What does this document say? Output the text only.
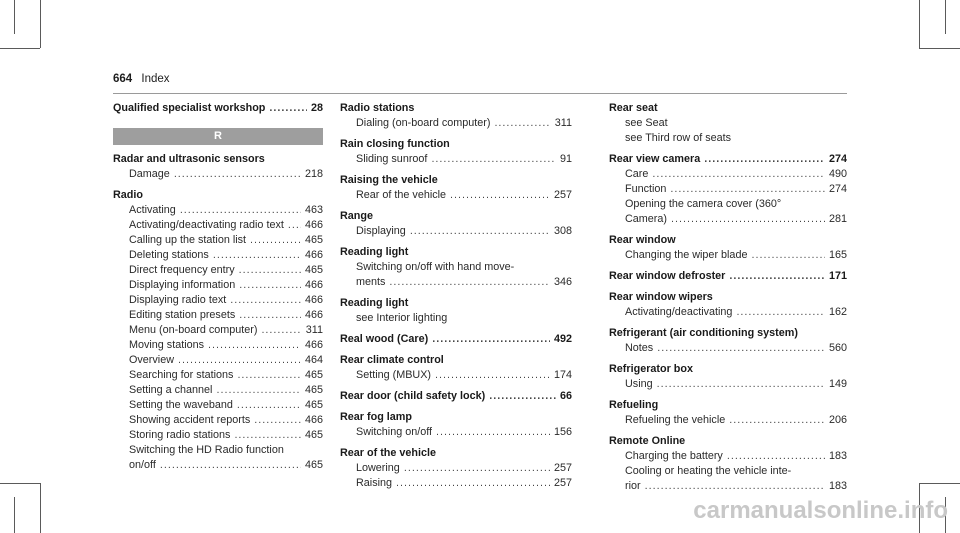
664 Index
Qualified specialist workshop .....	28
R
Radar and ultrasonic sensors
Damage .....	218
Radio
Activating .....	463
Activating/deactivating radio text ..... 466
Calling up the station list .....	465
Deleting stations .....	466
Direct frequency entry .....	465
Displaying information .....	466
Displaying radio text .....	466
Editing station presets .....	466
Menu (on-board computer) .....	311
Moving stations .....	466
Overview .....	464
Searching for stations .....	465
Setting a channel .....	465
Setting the waveband .....	465
Showing accident reports .....	466
Storing radio stations .....	465
Switching the HD Radio function
on/off .....	465
Radio stations
Dialing (on-board computer) .....	311
Rain closing function
Sliding sunroof .....	91
Raising the vehicle
Rear of the vehicle .....	257
Range
Displaying .....	308
Reading light
Switching on/off with hand move-
ments .....	346
Reading light
see Interior lighting
Real wood (Care) .....	492
Rear climate control
Setting (MBUX) .....	174
Rear door (child safety lock) .....	66
Rear fog lamp
Switching on/off .....	156
Rear of the vehicle
Lowering .....	257
Raising .....	257
Rear seat
see Seat
see Third row of seats
Rear view camera .....	274
Care .....	490
Function .....	274
Opening the camera cover (360°
Camera) .....	281
Rear window
Changing the wiper blade .....	165
Rear window defroster .....	171
Rear window wipers
Activating/deactivating .....	162
Refrigerant (air conditioning system)
Notes .....	560
Refrigerator box
Using .....	149
Refueling
Refueling the vehicle .....	206
Remote Online
Charging the battery .....	183
Cooling or heating the vehicle inte-
rior .....	183
carmanualsonline.info
